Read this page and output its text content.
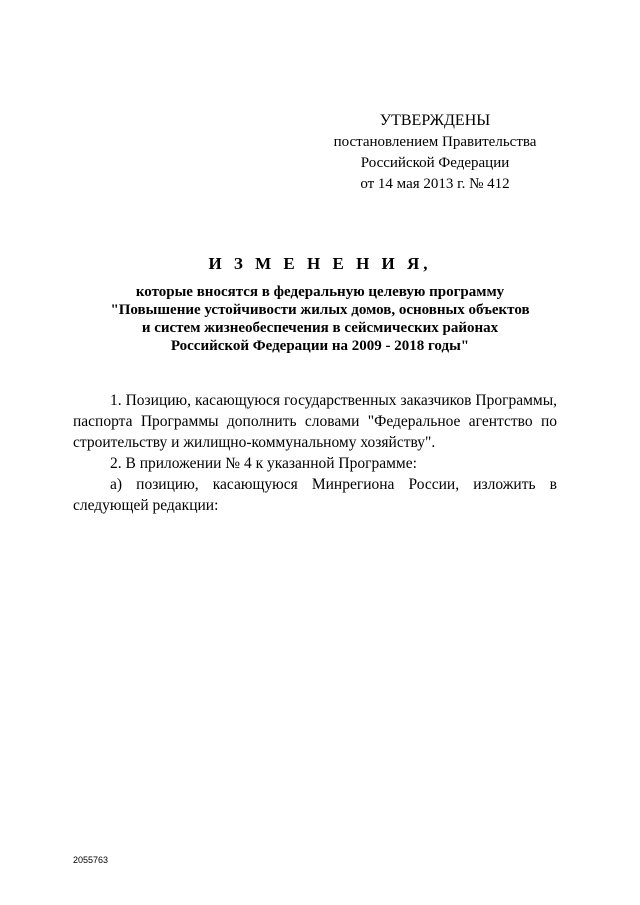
УТВЕРЖДЕНЫ
постановлением Правительства
Российской Федерации
от 14 мая 2013 г. № 412
И З М Е Н Е Н И Я,
которые вносятся в федеральную целевую программу
"Повышение устойчивости жилых домов, основных объектов
и систем жизнеобеспечения в сейсмических районах
Российской Федерации на 2009 - 2018 годы"

1. Позицию, касающуюся государственных заказчиков Программы, паспорта Программы дополнить словами "Федеральное агентство по строительству и жилищно-коммунальному хозяйству".

2. В приложении № 4 к указанной Программе:

а) позицию, касающуюся Минрегиона России, изложить в следующей редакции:

2055763
